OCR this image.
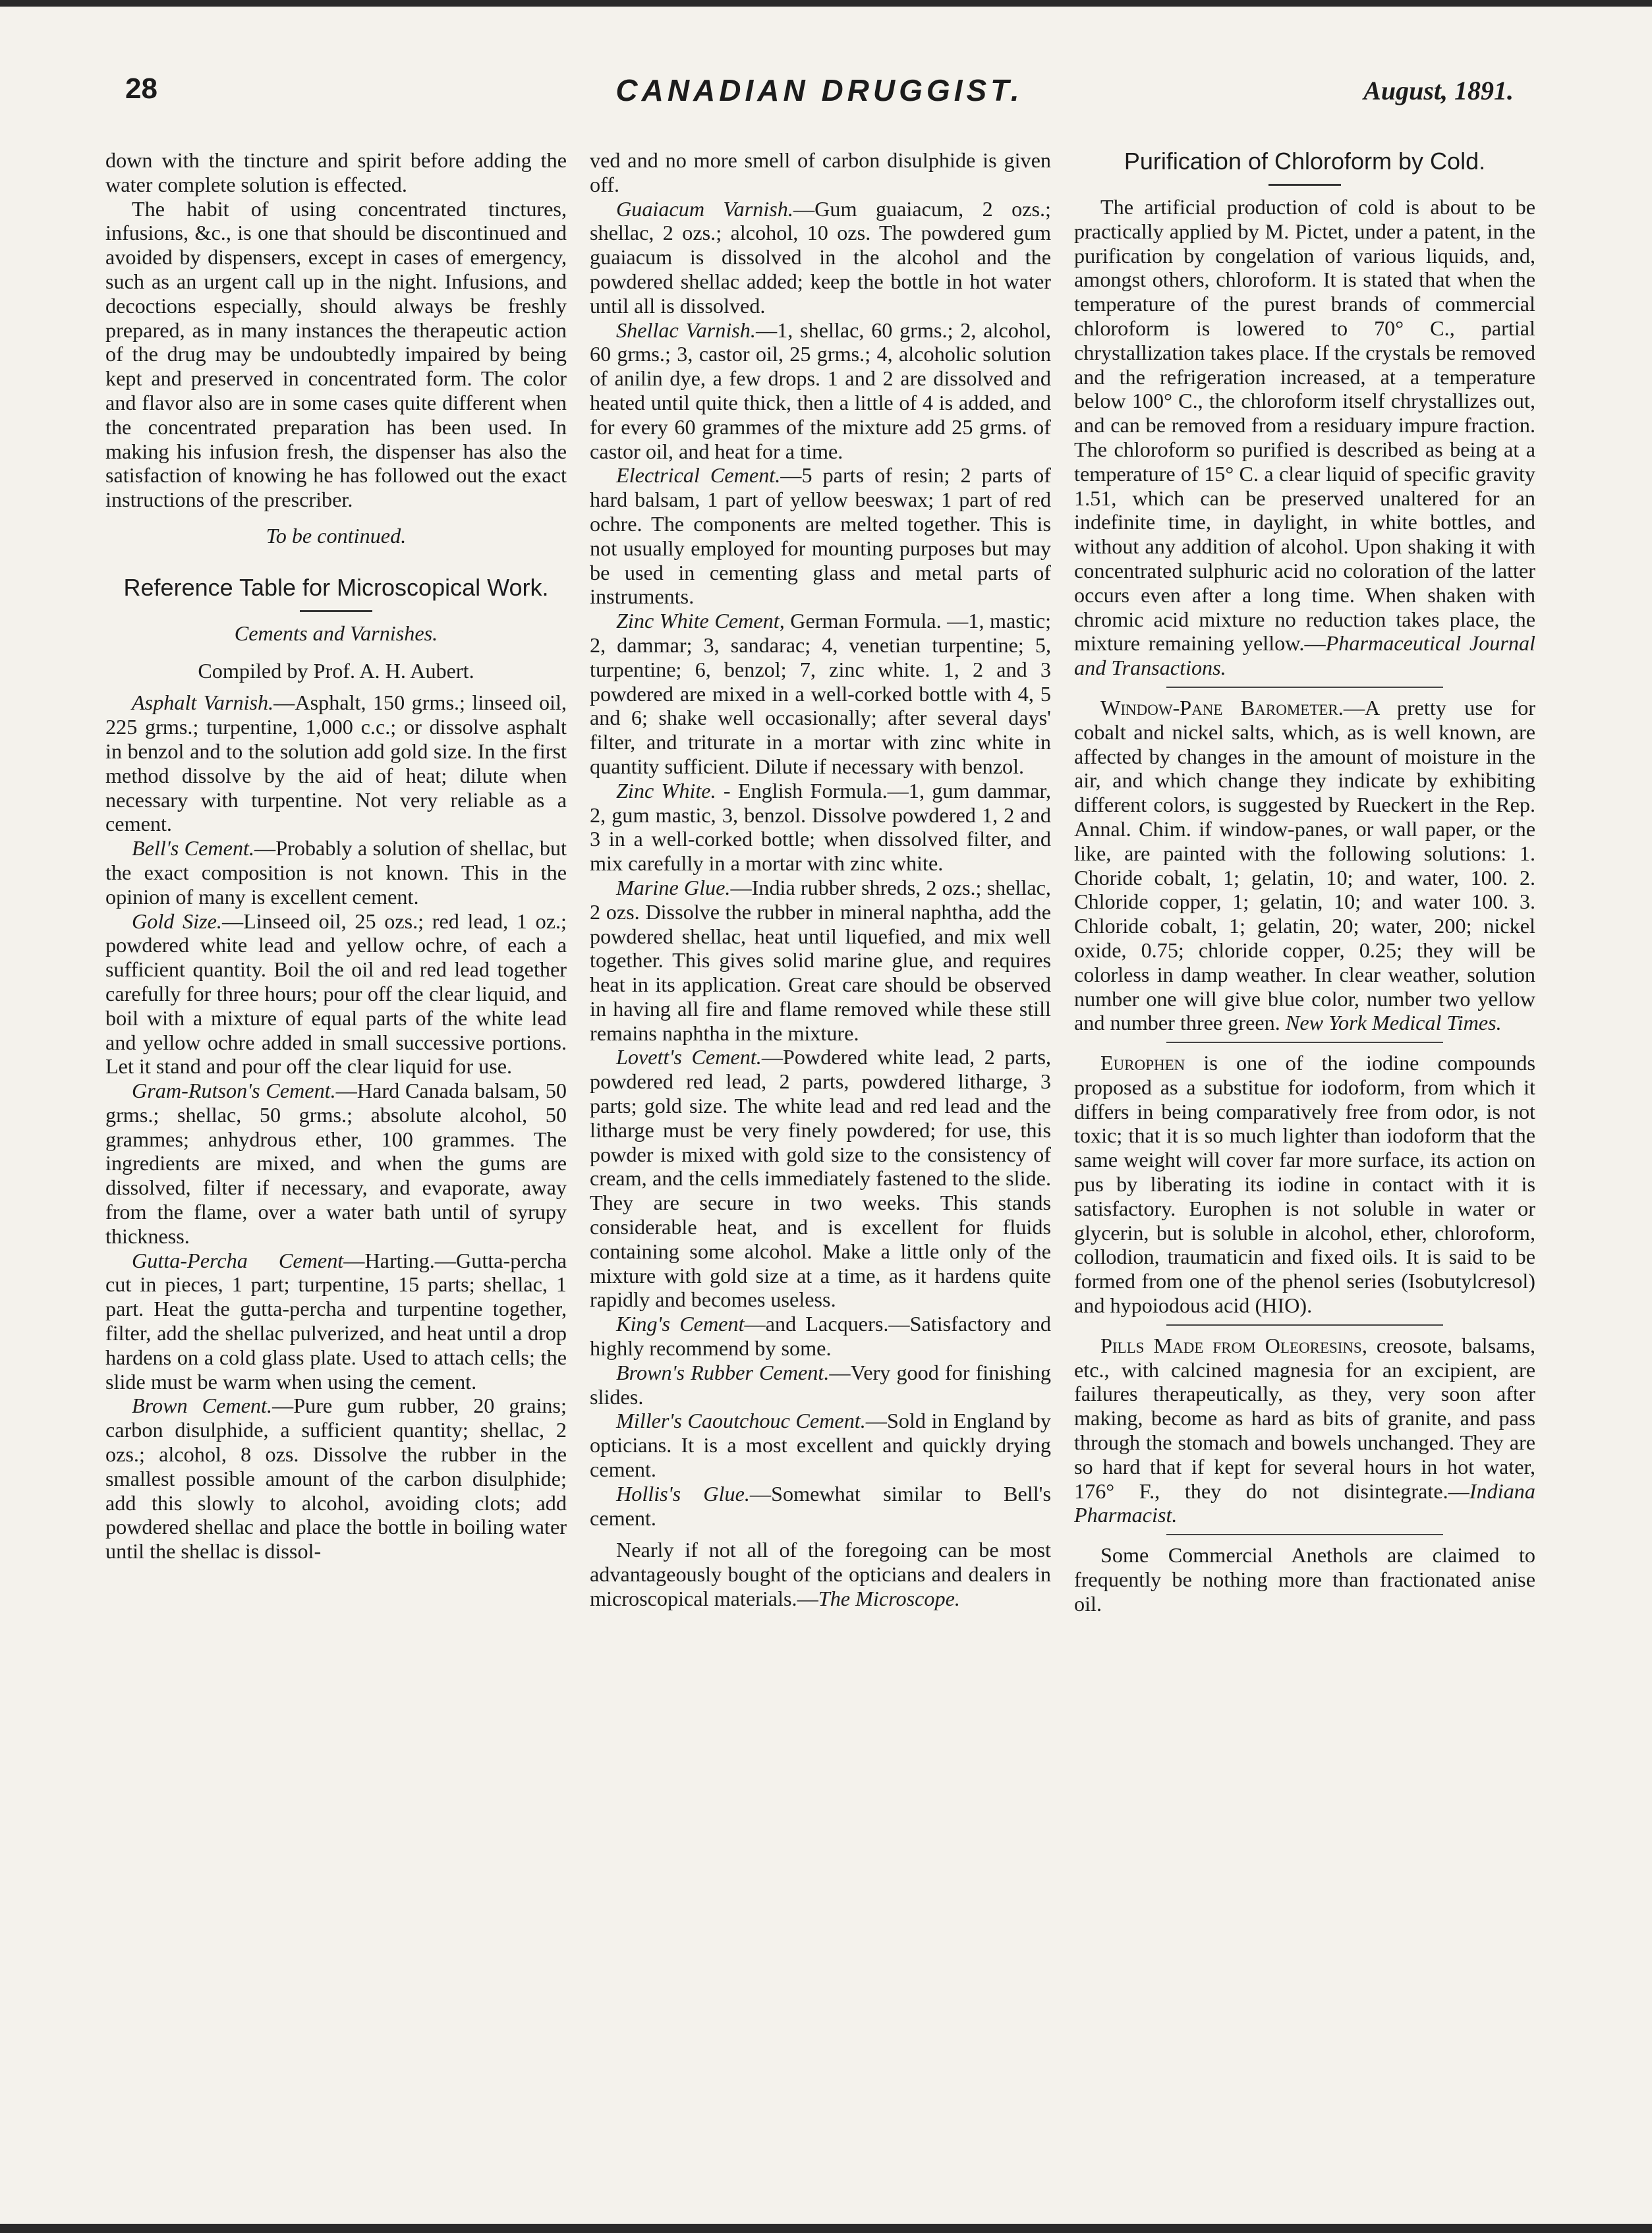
28	CANADIAN DRUGGIST.	August, 1891.

down with the tincture and spirit before adding the water complete solution is effected.

The habit of using concentrated tinctures, infusions, &c., is one that should be discontinued and avoided by dispensers, except in cases of emergency, such as an urgent call up in the night. Infusions, and decoctions especially, should always be freshly prepared, as in many instances the therapeutic action of the drug may be undoubtedly impaired by being kept and preserved in concentrated form. The color and flavor also are in some cases quite different when the concentrated preparation has been used. In making his infusion fresh, the dispenser has also the satisfaction of knowing he has followed out the exact instructions of the prescriber.

To be continued.
Reference Table for Microscopical Work.
Cements and Varnishes.

Compiled by Prof. A. H. Aubert.

Asphalt Varnish.—Asphalt, 150 grms.; linseed oil, 225 grms.; turpentine, 1,000 c.c.; or dissolve asphalt in benzol and to the solution add gold size. In the first method dissolve by the aid of heat; dilute when necessary with turpentine. Not very reliable as a cement.

Bell's Cement.—Probably a solution of shellac, but the exact composition is not known. This in the opinion of many is excellent cement.

Gold Size.—Linseed oil, 25 ozs.; red lead, 1 oz.; powdered white lead and yellow ochre, of each a sufficient quantity. Boil the oil and red lead together carefully for three hours; pour off the clear liquid, and boil with a mixture of equal parts of the white lead and yellow ochre added in small successive portions. Let it stand and pour off the clear liquid for use.

Gram-Rutson's Cement.—Hard Canada balsam, 50 grms.; shellac, 50 grms.; absolute alcohol, 50 grammes; anhydrous ether, 100 grammes. The ingredients are mixed, and when the gums are dissolved, filter if necessary, and evaporate, away from the flame, over a water bath until of syrupy thickness.

Gutta-Percha Cement—Harting.—Gutta-percha cut in pieces, 1 part; turpentine, 15 parts; shellac, 1 part. Heat the gutta-percha and turpentine together, filter, add the shellac pulverized, and heat until a drop hardens on a cold glass plate. Used to attach cells; the slide must be warm when using the cement.

Brown Cement.—Pure gum rubber, 20 grains; carbon disulphide, a sufficient quantity; shellac, 2 ozs.; alcohol, 8 ozs. Dissolve the rubber in the smallest possible amount of the carbon disulphide; add this slowly to alcohol, avoiding clots; add powdered shellac and place the bottle in boiling water until the shellac is dissol-

ved and no more smell of carbon disulphide is given off.

Guaiacum Varnish.—Gum guaiacum, 2 ozs.; shellac, 2 ozs.; alcohol, 10 ozs. The powdered gum guaiacum is dissolved in the alcohol and the powdered shellac added; keep the bottle in hot water until all is dissolved.

Shellac Varnish.—1, shellac, 60 grms.; 2, alcohol, 60 grms.; 3, castor oil, 25 grms.; 4, alcoholic solution of anilin dye, a few drops. 1 and 2 are dissolved and heated until quite thick, then a little of 4 is added, and for every 60 grammes of the mixture add 25 grms. of castor oil, and heat for a time.

Electrical Cement.—5 parts of resin; 2 parts of hard balsam, 1 part of yellow beeswax; 1 part of red ochre. The components are melted together. This is not usually employed for mounting purposes but may be used in cementing glass and metal parts of instruments.

Zinc White Cement, German Formula. —1, mastic; 2, dammar; 3, sandarac; 4, venetian turpentine; 5, turpentine; 6, benzol; 7, zinc white. 1, 2 and 3 powdered are mixed in a well-corked bottle with 4, 5 and 6; shake well occasionally; after several days' filter, and triturate in a mortar with zinc white in quantity sufficient. Dilute if necessary with benzol.

Zinc White. - English Formula.—1, gum dammar, 2, gum mastic, 3, benzol. Dissolve powdered 1, 2 and 3 in a well-corked bottle; when dissolved filter, and mix carefully in a mortar with zinc white.

Marine Glue.—India rubber shreds, 2 ozs.; shellac, 2 ozs. Dissolve the rubber in mineral naphtha, add the powdered shellac, heat until liquefied, and mix well together. This gives solid marine glue, and requires heat in its application. Great care should be observed in having all fire and flame removed while these still remains naphtha in the mixture.

Lovett's Cement.—Powdered white lead, 2 parts, powdered red lead, 2 parts, powdered litharge, 3 parts; gold size. The white lead and red lead and the litharge must be very finely powdered; for use, this powder is mixed with gold size to the consistency of cream, and the cells immediately fastened to the slide. They are secure in two weeks. This stands considerable heat, and is excellent for fluids containing some alcohol. Make a little only of the mixture with gold size at a time, as it hardens quite rapidly and becomes useless.

King's Cement—and Lacquers.—Satisfactory and highly recommend by some.

Brown's Rubber Cement.—Very good for finishing slides.

Miller's Caoutchouc Cement.—Sold in England by opticians. It is a most excellent and quickly drying cement.

Hollis's Glue.—Somewhat similar to Bell's cement.

Nearly if not all of the foregoing can be most advantageously bought of the opticians and dealers in microscopical materials.—The Microscope.

Purification of Chloroform by Cold.

The artificial production of cold is about to be practically applied by M. Pictet, under a patent, in the purification by congelation of various liquids, and, amongst others, chloroform. It is stated that when the temperature of the purest brands of commercial chloroform is lowered to 70° C., partial chrystallization takes place. If the crystals be removed and the refrigeration increased, at a temperature below 100° C., the chloroform itself chrystallizes out, and can be removed from a residuary impure fraction. The chloroform so purified is described as being at a temperature of 15° C. a clear liquid of specific gravity 1.51, which can be preserved unaltered for an indefinite time, in daylight, in white bottles, and without any addition of alcohol. Upon shaking it with concentrated sulphuric acid no coloration of the latter occurs even after a long time. When shaken with chromic acid mixture no reduction takes place, the mixture remaining yellow.—Pharmaceutical Journal and Transactions.

Window-Pane Barometer.—A pretty use for cobalt and nickel salts, which, as is well known, are affected by changes in the amount of moisture in the air, and which change they indicate by exhibiting different colors, is suggested by Rueckert in the Rep. Annal. Chim. if window-panes, or wall paper, or the like, are painted with the following solutions: 1. Choride cobalt, 1; gelatin, 10; and water, 100. 2. Chloride copper, 1; gelatin, 10; and water 100. 3. Chloride cobalt, 1; gelatin, 20; water, 200; nickel oxide, 0.75; chloride copper, 0.25; they will be colorless in damp weather. In clear weather, solution number one will give blue color, number two yellow and number three green. New York Medical Times.

Europhen is one of the iodine compounds proposed as a substitue for iodoform, from which it differs in being comparatively free from odor, is not toxic; that it is so much lighter than iodoform that the same weight will cover far more surface, its action on pus by liberating its iodine in contact with it is satisfactory. Europhen is not soluble in water or glycerin, but is soluble in alcohol, ether, chloroform, collodion, traumaticin and fixed oils. It is said to be formed from one of the phenol series (Isobutylcresol) and hypoiodous acid (HIO).

Pills Made from Oleoresins, creosote, balsams, etc., with calcined magnesia for an excipient, are failures therapeutically, as they, very soon after making, become as hard as bits of granite, and pass through the stomach and bowels unchanged. They are so hard that if kept for several hours in hot water, 176° F., they do not disintegrate.—Indiana Pharmacist.

Some Commercial Anethols are claimed to frequently be nothing more than fractionated anise oil.
